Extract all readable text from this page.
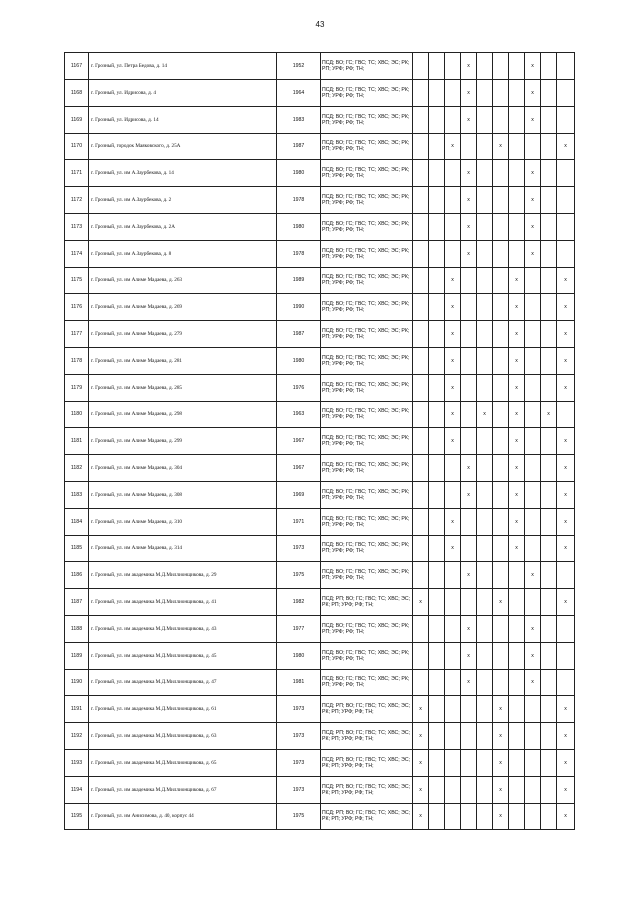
43
1167	г. Грозный, ул. Петра Бедова, д. 14	1952	ПСД; ВО; ГС; ГВС; ТС; ХВС; ЭС; РК; РП; УРФ; РФ; ТН;				x				x		
1168	г. Грозный, ул. Идрисова, д. 4	1964	ПСД; ВО; ГС; ГВС; ТС; ХВС; ЭС; РК; РП; УРФ; РФ; ТН;				x				x		
1169	г. Грозный, ул. Идрисова, д. 14	1983	ПСД; ВО; ГС; ГВС; ТС; ХВС; ЭС; РК; РП; УРФ; РФ; ТН;				x				x		
1170	г. Грозный, городок Маяковского, д. 25А	1987	ПСД; ВО; ГС; ГВС; ТС; ХВС; ЭС; РК; РП; УРФ; РФ; ТН;			x			x				x
1171	г. Грозный, ул. им А.Заурбекова, д. 14	1980	ПСД; ВО; ГС; ГВС; ТС; ХВС; ЭС; РК; РП; УРФ; РФ; ТН;				x				x		
1172	г. Грозный, ул. им А.Заурбекова, д. 2	1978	ПСД; ВО; ГС; ГВС; ТС; ХВС; ЭС; РК; РП; УРФ; РФ; ТН;				x				x		
1173	г. Грозный, ул. им А.Заурбекова, д. 2А	1980	ПСД; ВО; ГС; ГВС; ТС; ХВС; ЭС; РК; РП; УРФ; РФ; ТН;				x				x		
1174	г. Грозный, ул. им А.Заурбекова, д. 8	1978	ПСД; ВО; ГС; ГВС; ТС; ХВС; ЭС; РК; РП; УРФ; РФ; ТН;				x				x		
1175	г. Грозный, ул. им Алиме Мадаева, д. 263	1989	ПСД; ВО; ГС; ГВС; ТС; ХВС; ЭС; РК; РП; УРФ; РФ; ТН;			x				x			x
1176	г. Грозный, ул. им Алиме Мадаева, д. 269	1990	ПСД; ВО; ГС; ГВС; ТС; ХВС; ЭС; РК; РП; УРФ; РФ; ТН;			x				x			x
1177	г. Грозный, ул. им Алиме Мадаева, д. 279	1987	ПСД; ВО; ГС; ГВС; ТС; ХВС; ЭС; РК; РП; УРФ; РФ; ТН;			x				x			x
1178	г. Грозный, ул. им Алиме Мадаева, д. 281	1980	ПСД; ВО; ГС; ГВС; ТС; ХВС; ЭС; РК; РП; УРФ; РФ; ТН;			x				x			x
1179	г. Грозный, ул. им Алиме Мадаева, д. 285	1976	ПСД; ВО; ГС; ГВС; ТС; ХВС; ЭС; РК; РП; УРФ; РФ; ТН;			x				x			x
1180	г. Грозный, ул. им Алиме Мадаева, д. 298	1963	ПСД; ВО; ГС; ГВС; ТС; ХВС; ЭС; РК; РП; УРФ; РФ; ТН;			x		x		x		x	
1181	г. Грозный, ул. им Алиме Мадаева, д. 299	1967	ПСД; ВО; ГС; ГВС; ТС; ХВС; ЭС; РК; РП; УРФ; РФ; ТН;			x				x			x
1182	г. Грозный, ул. им Алиме Мадаева, д. 304	1967	ПСД; ВО; ГС; ГВС; ТС; ХВС; ЭС; РК; РП; УРФ; РФ; ТН;				x			x			x
1183	г. Грозный, ул. им Алиме Мадаева, д. 308	1969	ПСД; ВО; ГС; ГВС; ТС; ХВС; ЭС; РК; РП; УРФ; РФ; ТН;				x			x			x
1184	г. Грозный, ул. им Алиме Мадаева, д. 310	1971	ПСД; ВО; ГС; ГВС; ТС; ХВС; ЭС; РК; РП; УРФ; РФ; ТН;			x				x			x
1185	г. Грозный, ул. им Алиме Мадаева, д. 314	1973	ПСД; ВО; ГС; ГВС; ТС; ХВС; ЭС; РК; РП; УРФ; РФ; ТН;			x				x			x
1186	г. Грозный, ул. им академика М.Д.Миллионщикова, д. 29	1975	ПСД; ВО; ГС; ГВС; ТС; ХВС; ЭС; РК; РП; УРФ; РФ; ТН;				x				x		
1187	г. Грозный, ул. им академика М.Д.Миллионщикова, д. 41	1982	ПСД; РП; ВО; ГС; ГВС; ТС; ХВС; ЭС; РК; РП; УРФ; РФ; ТН;	x					x				x
1188	г. Грозный, ул. им академика М.Д.Миллионщикова, д. 43	1977	ПСД; ВО; ГС; ГВС; ТС; ХВС; ЭС; РК; РП; УРФ; РФ; ТН;				x				x		
1189	г. Грозный, ул. им академика М.Д.Миллионщикова, д. 45	1980	ПСД; ВО; ГС; ГВС; ТС; ХВС; ЭС; РК; РП; УРФ; РФ; ТН;				x				x		
1190	г. Грозный, ул. им академика М.Д.Миллионщикова, д. 47	1981	ПСД; ВО; ГС; ГВС; ТС; ХВС; ЭС; РК; РП; УРФ; РФ; ТН;				x				x		
1191	г. Грозный, ул. им академика М.Д.Миллионщикова, д. 61	1973	ПСД; РП; ВО; ГС; ГВС; ТС; ХВС; ЭС; РК; РП; УРФ; РФ; ТН;	x					x				x
1192	г. Грозный, ул. им академика М.Д.Миллионщикова, д. 63	1973	ПСД; РП; ВО; ГС; ГВС; ТС; ХВС; ЭС; РК; РП; УРФ; РФ; ТН;	x					x				x
1193	г. Грозный, ул. им академика М.Д.Миллионщикова, д. 65	1973	ПСД; РП; ВО; ГС; ГВС; ТС; ХВС; ЭС; РК; РП; УРФ; РФ; ТН;	x					x				x
1194	г. Грозный, ул. им академика М.Д.Миллионщикова, д. 67	1973	ПСД; РП; ВО; ГС; ГВС; ТС; ХВС; ЭС; РК; РП; УРФ; РФ; ТН;	x					x				x
1195	г. Грозный, ул. им Анисимова, д. 40, корпус 44	1975	ПСД; РП; ВО; ГС; ГВС; ТС; ХВС; ЭС; РК; РП; УРФ; РФ; ТН;	x					x				x
